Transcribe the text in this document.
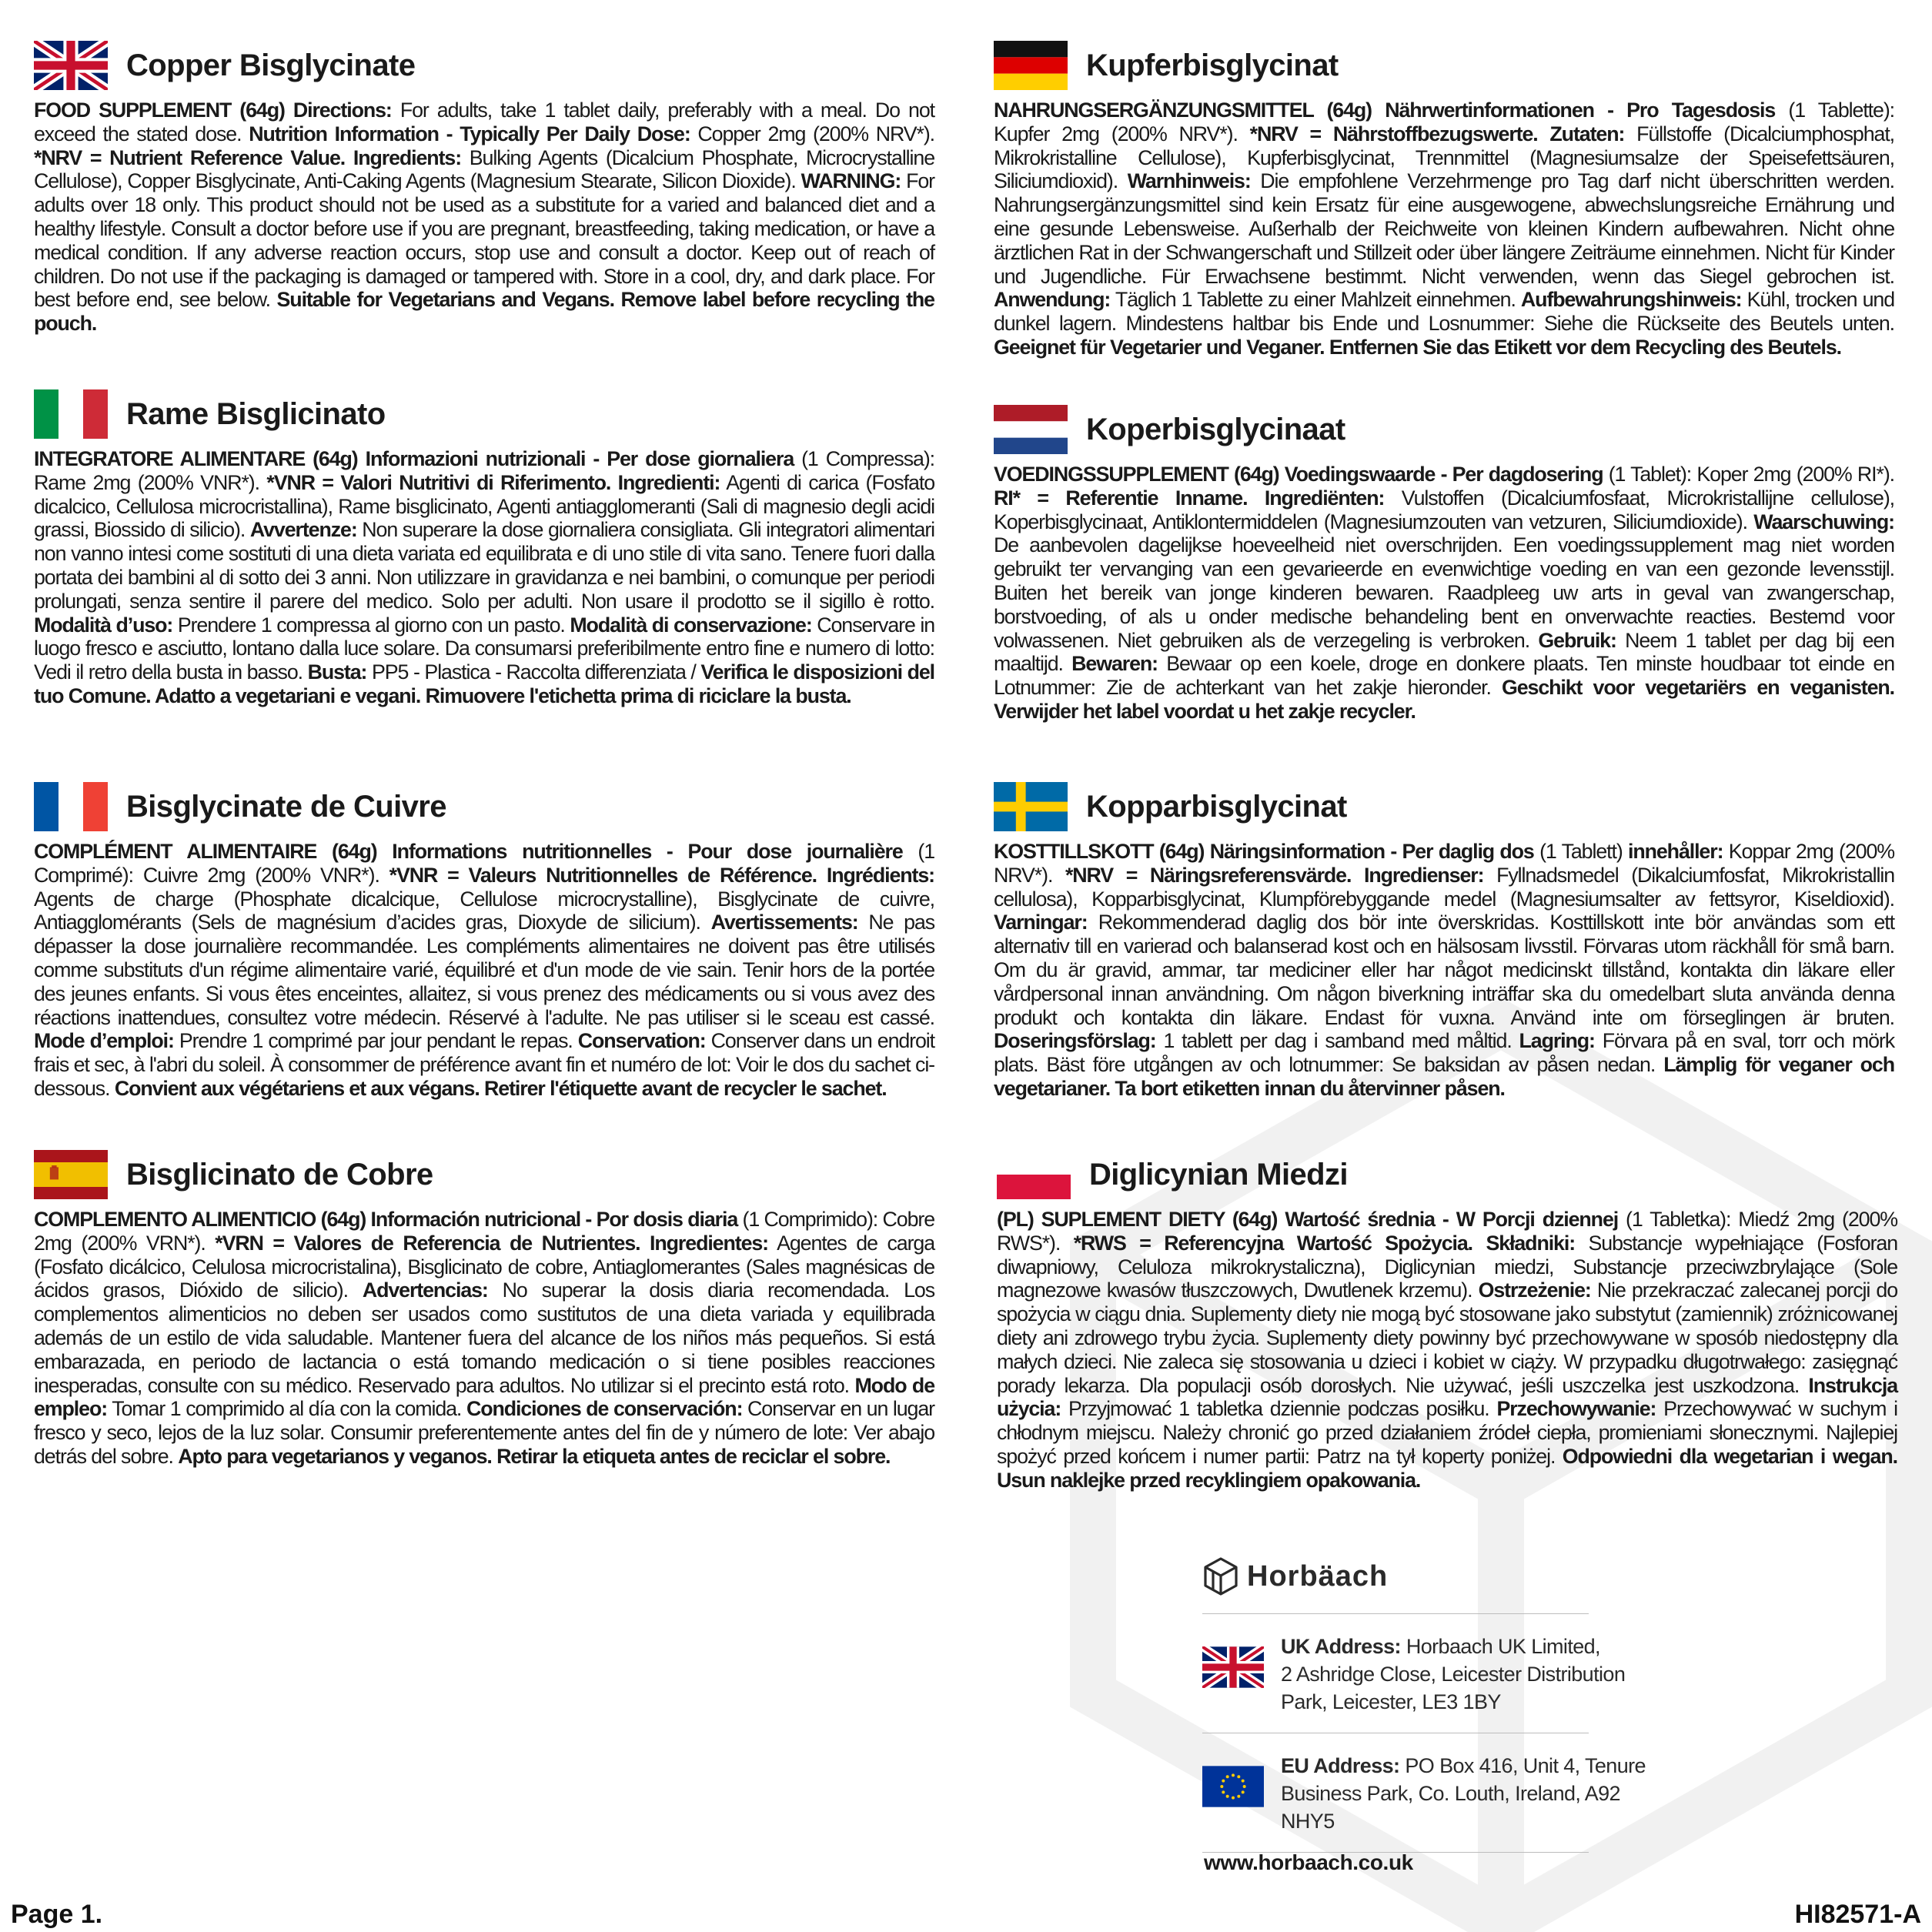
Copper Bisglycinate

FOOD SUPPLEMENT (64g) Directions: For adults, take 1 tablet daily, preferably with a meal. Do not exceed the stated dose. Nutrition Information - Typically Per Daily Dose: Copper 2mg (200% NRV*). *NRV = Nutrient Reference Value. Ingredients: Bulking Agents (Dicalcium Phosphate, Microcrystalline Cellulose), Copper Bisglycinate, Anti-Caking Agents (Magnesium Stearate, Silicon Dioxide). WARNING: For adults over 18 only. This product should not be used as a substitute for a varied and balanced diet and a healthy lifestyle. Consult a doctor before use if you are pregnant, breastfeeding, taking medication, or have a medical condition. If any adverse reaction occurs, stop use and consult a doctor. Keep out of reach of children. Do not use if the packaging is damaged or tampered with. Store in a cool, dry, and dark place. For best before end, see below. Suitable for Vegetarians and Vegans. Remove label before recycling the pouch.

Kupferbisglycinat

NAHRUNGSERGÄNZUNGSMITTEL (64g) Nährwertinformationen - Pro Tagesdosis (1 Tablette): Kupfer 2mg (200% NRV*). *NRV = Nährstoffbezugswerte. Zutaten: Füllstoffe (Dicalciumphosphat, Mikrokristalline Cellulose), Kupferbisglycinat, Trennmittel (Magnesiumsalze der Speisefettsäuren, Siliciumdioxid). Warnhinweis: Die empfohlene Verzehrmenge pro Tag darf nicht überschritten werden. Nahrungsergänzungsmittel sind kein Ersatz für eine ausgewogene, abwechslungsreiche Ernährung und eine gesunde Lebensweise. Außerhalb der Reichweite von kleinen Kindern aufbewahren. Nicht ohne ärztlichen Rat in der Schwangerschaft und Stillzeit oder über längere Zeiträume einnehmen. Nicht für Kinder und Jugendliche. Für Erwachsene bestimmt. Nicht verwenden, wenn das Siegel gebrochen ist. Anwendung: Täglich 1 Tablette zu einer Mahlzeit einnehmen. Aufbewahrungshinweis: Kühl, trocken und dunkel lagern. Mindestens haltbar bis Ende und Losnummer: Siehe die Rückseite des Beutels unten. Geeignet für Vegetarier und Veganer. Entfernen Sie das Etikett vor dem Recycling des Beutels.

Rame Bisglicinato

INTEGRATORE ALIMENTARE (64g) Informazioni nutrizionali - Per dose giornaliera (1 Compressa): Rame 2mg (200% VNR*). *VNR = Valori Nutritivi di Riferimento. Ingredienti: Agenti di carica (Fosfato dicalcico, Cellulosa microcristallina), Rame bisglicinato, Agenti antiagglomeranti (Sali di magnesio degli acidi grassi, Biossido di silicio). Avvertenze: Non superare la dose giornaliera consigliata. Gli integratori alimentari non vanno intesi come sostituti di una dieta variata ed equilibrata e di uno stile di vita sano. Tenere fuori dalla portata dei bambini al di sotto dei 3 anni. Non utilizzare in gravidanza e nei bambini, o comunque per periodi prolungati, senza sentire il parere del medico. Solo per adulti. Non usare il prodotto se il sigillo è rotto. Modalità d’uso: Prendere 1 compressa al giorno con un pasto. Modalità di conservazione: Conservare in luogo fresco e asciutto, lontano dalla luce solare. Da consumarsi preferibilmente entro fine e numero di lotto: Vedi il retro della busta in basso. Busta: PP5 - Plastica - Raccolta differenziata / Verifica le disposizioni del tuo Comune. Adatto a vegetariani e vegani. Rimuovere l'etichetta prima di riciclare la busta.

Koperbisglycinaat

VOEDINGSSUPPLEMENT (64g) Voedingswaarde - Per dagdosering (1 Tablet): Koper 2mg (200% RI*). RI* = Referentie Inname. Ingrediënten: Vulstoffen (Dicalciumfosfaat, Microkristallijne cellulose), Koperbisglycinaat, Antiklontermiddelen (Magnesiumzouten van vetzuren, Siliciumdioxide). Waarschuwing: De aanbevolen dagelijkse hoeveelheid niet overschrijden. Een voedingssupplement mag niet worden gebruikt ter vervanging van een gevarieerde en evenwichtige voeding en van een gezonde levensstijl. Buiten het bereik van jonge kinderen bewaren. Raadpleeg uw arts in geval van zwangerschap, borstvoeding, of als u onder medische behandeling bent en onverwachte reacties. Bestemd voor volwassenen. Niet gebruiken als de verzegeling is verbroken. Gebruik: Neem 1 tablet per dag bij een maaltijd. Bewaren: Bewaar op een koele, droge en donkere plaats. Ten minste houdbaar tot einde en Lotnummer: Zie de achterkant van het zakje hieronder. Geschikt voor vegetariërs en veganisten. Verwijder het label voordat u het zakje recycler.

Bisglycinate de Cuivre

COMPLÉMENT ALIMENTAIRE (64g) Informations nutritionnelles - Pour dose journalière (1 Comprimé): Cuivre 2mg (200% VNR*). *VNR = Valeurs Nutritionnelles de Référence. Ingrédients: Agents de charge (Phosphate dicalcique, Cellulose microcrystalline), Bisglycinate de cuivre, Antiagglomérants (Sels de magnésium d’acides gras, Dioxyde de silicium). Avertissements: Ne pas dépasser la dose journalière recommandée. Les compléments alimentaires ne doivent pas être utilisés comme substituts d'un régime alimentaire varié, équilibré et d'un mode de vie sain. Tenir hors de la portée des jeunes enfants. Si vous êtes enceintes, allaitez, si vous prenez des médicaments ou si vous avez des réactions inattendues, consultez votre médecin. Réservé à l'adulte. Ne pas utiliser si le sceau est cassé. Mode d’emploi: Prendre 1 comprimé par jour pendant le repas. Conservation: Conserver dans un endroit frais et sec, à l'abri du soleil. À consommer de préférence avant fin et numéro de lot: Voir le dos du sachet ci-dessous. Convient aux végétariens et aux végans. Retirer l'étiquette avant de recycler le sachet.

Kopparbisglycinat

KOSTTILLSKOTT (64g) Näringsinformation - Per daglig dos (1 Tablett) innehåller: Koppar 2mg (200% NRV*). *NRV = Näringsreferensvärde. Ingredienser: Fyllnadsmedel (Dikalciumfosfat, Mikrokristallin cellulosa), Kopparbisglycinat, Klumpförebyggande medel (Magnesiumsalter av fettsyror, Kiseldioxid). Varningar: Rekommenderad daglig dos bör inte överskridas. Kosttillskott inte bör användas som ett alternativ till en varierad och balanserad kost och en hälsosam livsstil. Förvaras utom räckhåll för små barn. Om du är gravid, ammar, tar mediciner eller har något medicinskt tillstånd, kontakta din läkare eller vårdpersonal innan användning. Om någon biverkning inträffar ska du omedelbart sluta använda denna produkt och kontakta din läkare. Endast för vuxna. Använd inte om förseglingen är bruten. Doseringsförslag: 1 tablett per dag i samband med måltid. Lagring: Förvara på en sval, torr och mörk plats. Bäst före utgången av och lotnummer: Se baksidan av påsen nedan. Lämplig för veganer och vegetarianer. Ta bort etiketten innan du återvinner påsen.

Bisglicinato de Cobre

COMPLEMENTO ALIMENTICIO (64g) Información nutricional - Por dosis diaria (1 Comprimido): Cobre 2mg (200% VRN*). *VRN = Valores de Referencia de Nutrientes. Ingredientes: Agentes de carga (Fosfato dicálcico, Celulosa microcristalina), Bisglicinato de cobre, Antiaglomerantes (Sales magnésicas de ácidos grasos, Dióxido de silicio). Advertencias: No superar la dosis diaria recomendada. Los complementos alimenticios no deben ser usados como sustitutos de una dieta variada y equilibrada además de un estilo de vida saludable. Mantener fuera del alcance de los niños más pequeños. Si está embarazada, en periodo de lactancia o está tomando medicación o si tiene posibles reacciones inesperadas, consulte con su médico. Reservado para adultos. No utilizar si el precinto está roto. Modo de empleo: Tomar 1 comprimido al día con la comida. Condiciones de conservación: Conservar en un lugar fresco y seco, lejos de la luz solar. Consumir preferentemente antes del fin de y número de lote: Ver abajo detrás del sobre. Apto para vegetarianos y veganos. Retirar la etiqueta antes de reciclar el sobre.

Diglicynian Miedzi

(PL) SUPLEMENT DIETY (64g) Wartość średnia - W Porcji dziennej (1 Tabletka): Miedź 2mg (200% RWS*). *RWS = Referencyjna Wartość Spożycia. Składniki: Substancje wypełniające (Fosforan diwapniowy, Celuloza mikrokrystaliczna), Diglicynian miedzi, Substancje przeciwzbrylające (Sole magnezowe kwasów tłuszczowych, Dwutlenek krzemu). Ostrzeżenie: Nie przekraczać zalecanej porcji do spożycia w ciągu dnia. Suplementy diety nie mogą być stosowane jako substytut (zamiennik) zróżnicowanej diety ani zdrowego trybu życia. Suplementy diety powinny być przechowywane w sposób niedostępny dla małych dzieci. Nie zaleca się stosowania u dzieci i kobiet w ciąży. W przypadku długotrwałego: zasięgnąć porady lekarza. Dla populacji osób dorosłych. Nie używać, jeśli uszczelka jest uszkodzona. Instrukcja użycia: Przyjmować 1 tabletka dziennie podczas posiłku. Przechowywanie: Przechowywać w suchym i chłodnym miejscu. Należy chronić go przed działaniem źródeł ciepła, promieniami słonecznymi. Najlepiej spożyć przed końcem i numer partii: Patrz na tył koperty poniżej. Odpowiedni dla wegetarian i wegan. Usun naklejke przed recyklingiem opakowania.

Horbäach
UK Address: Horbaach UK Limited,
2 Ashridge Close, Leicester Distribution
Park, Leicester, LE3 1BY
EU Address: PO Box 416, Unit 4, Tenure
Business Park, Co. Louth, Ireland, A92 NHY5
www.horbaach.co.uk
Page 1.	HI82571-A
